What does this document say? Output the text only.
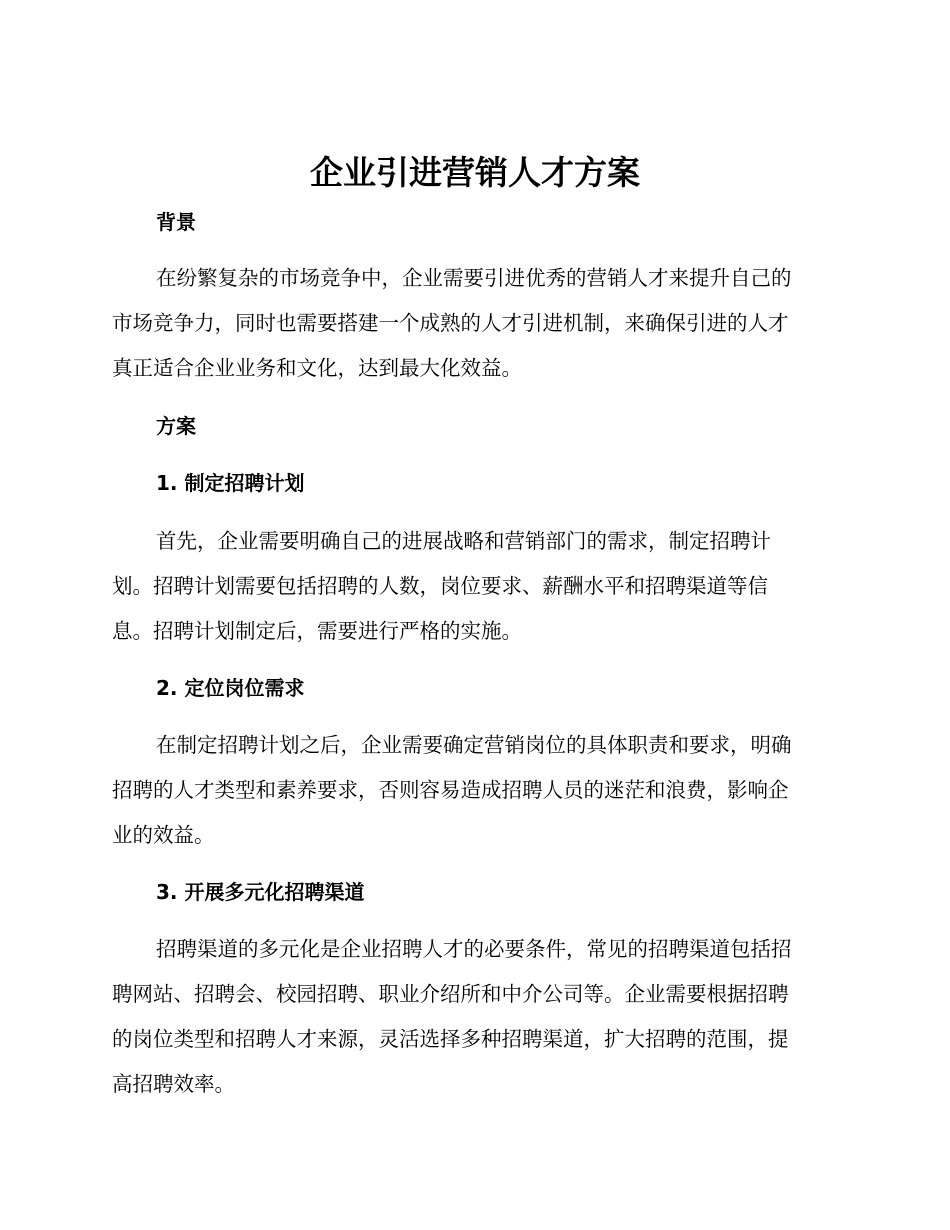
企业引进营销人才方案
背景

在纷繁复杂的市场竞争中，企业需要引进优秀的营销人才来提升自己的
市场竞争力，同时也需要搭建一个成熟的人才引进机制，来确保引进的人才
真正适合企业业务和文化，达到最大化效益。

方案
1. 制定招聘计划

首先，企业需要明确自己的进展战略和营销部门的需求，制定招聘计
划。招聘计划需要包括招聘的人数，岗位要求、薪酬水平和招聘渠道等信
息。招聘计划制定后，需要进行严格的实施。

2. 定位岗位需求

在制定招聘计划之后，企业需要确定营销岗位的具体职责和要求，明确
招聘的人才类型和素养要求，否则容易造成招聘人员的迷茫和浪费，影响企
业的效益。

3. 开展多元化招聘渠道

招聘渠道的多元化是企业招聘人才的必要条件，常见的招聘渠道包括招
聘网站、招聘会、校园招聘、职业介绍所和中介公司等。企业需要根据招聘
的岗位类型和招聘人才来源，灵活选择多种招聘渠道，扩大招聘的范围，提
高招聘效率。
